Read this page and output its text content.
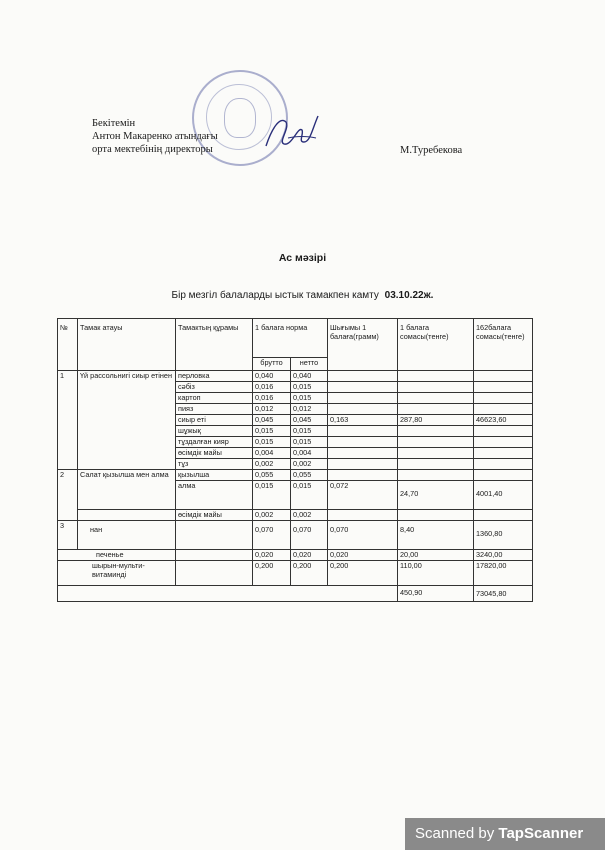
Бекітемін
Антон Макаренко атындағы
орта мектебінің директоры	М.Туребекова
Ас мәзірі
Бір мезгіл балаларды ыстык тамакпен камту 03.10.22ж.
№	Тамак атауы	Тамактың құрамы	1 балага норма		Шығымы 1 балаға(грамм)	1 балага сомасы(тенге)	162балага сомасы(тенге)
			брутто	нетто			
1	Үй рассольнигі сиыр етінен	перловка	0,040	0,040			
		сәбіз	0,016	0,015			
		картоп	0,016	0,015			
		пияз	0,012	0,012			
		сиыр еті	0,045	0,045	0,163	287,80	46623,60
		шұжық	0,015	0,015			
		тұздалған кияр	0,015	0,015			
		өсімдік майы	0,004	0,004			
		тұз	0,002	0,002			
2	Салат қызылша мен алма	қызылша	0,055	0,055			
		алма	0,015	0,015	0,072	24,70	4001,40
		өсімдік майы	0,002	0,002			
3	нан		0,070	0,070	0,070	8,40	1360,80
печенье			0,020	0,020	0,020	20,00	3240,00
шырын-мульти-витаминді			0,200	0,200	0,200	110,00	17820,00
						450,90	73045,80
Scanned by TapScanner
